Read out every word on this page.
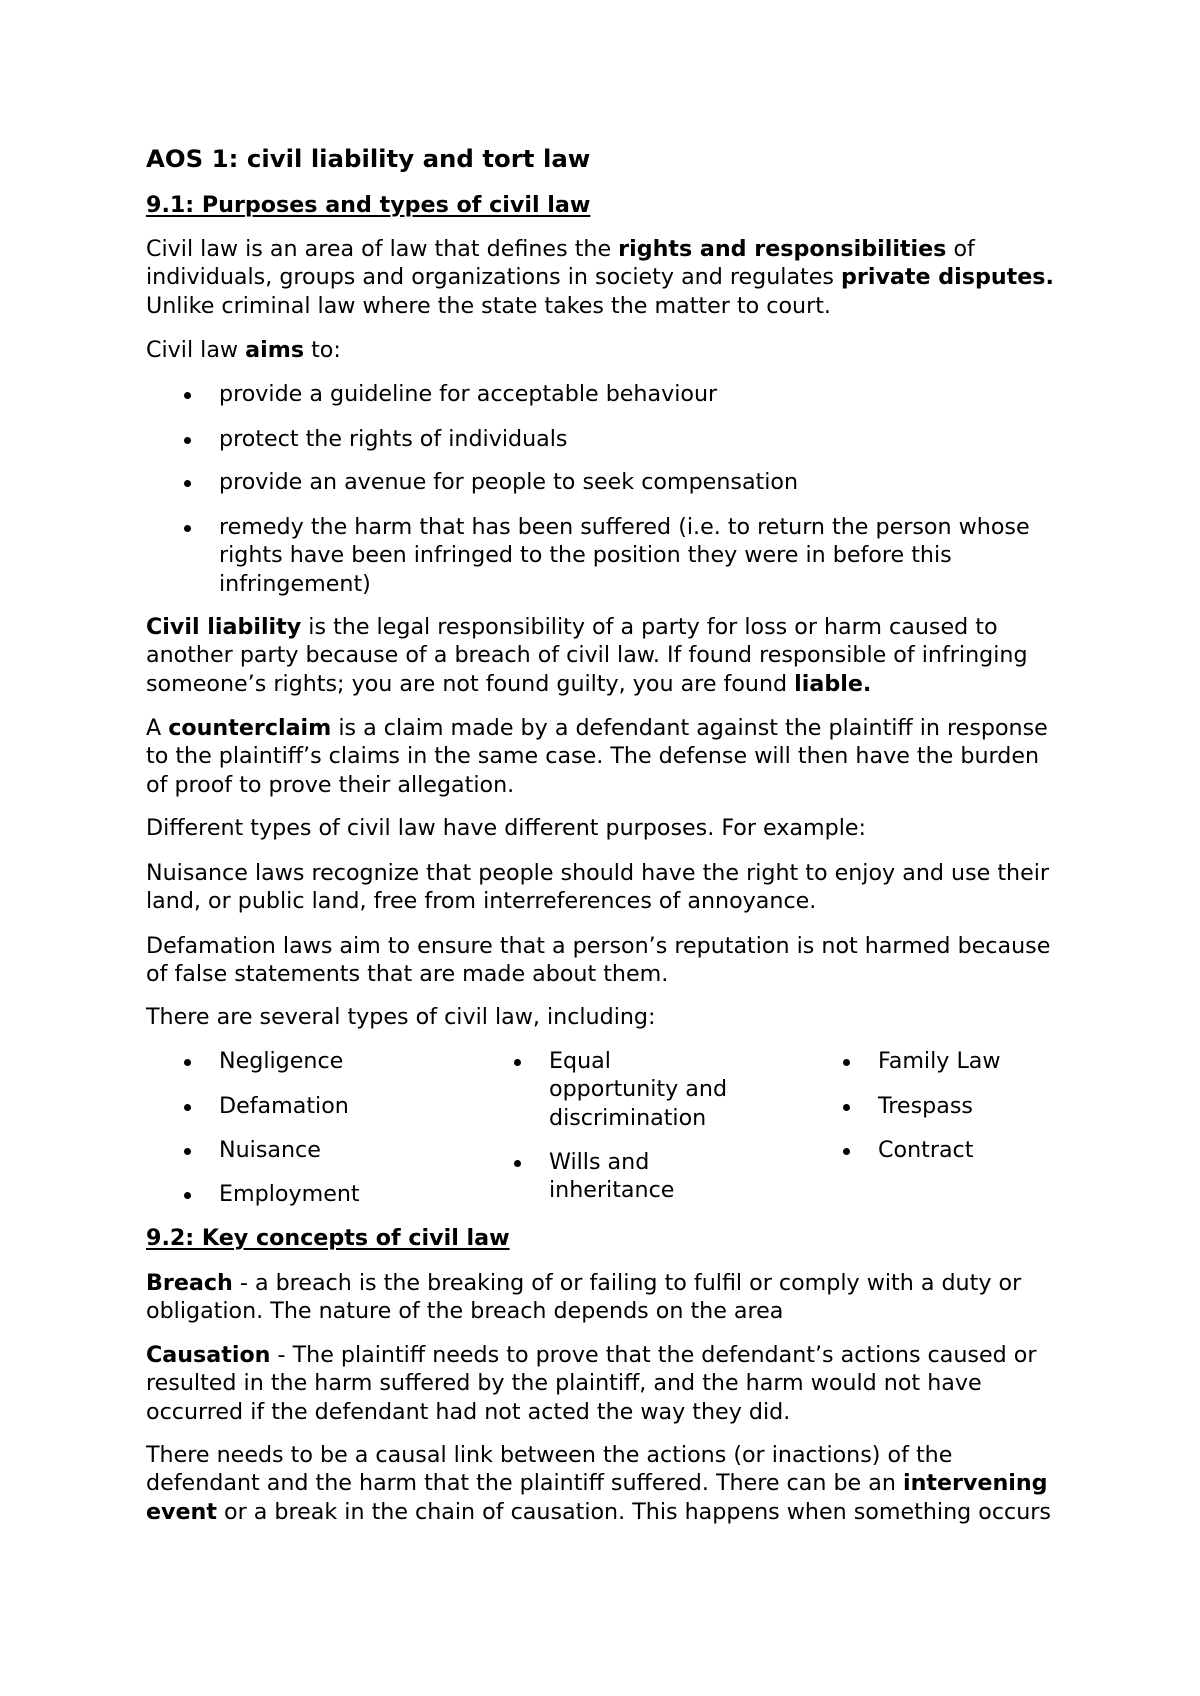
AOS 1: civil liability and tort law
9.1: Purposes and types of civil law
Civil law is an area of law that defines the rights and responsibilities of
individuals, groups and organizations in society and regulates private disputes.
Unlike criminal law where the state takes the matter to court.
Civil law aims to:
provide a guideline for acceptable behaviour
protect the rights of individuals
provide an avenue for people to seek compensation
remedy the harm that has been suffered (i.e. to return the person whose
rights have been infringed to the position they were in before this
infringement)
Civil liability is the legal responsibility of a party for loss or harm caused to
another party because of a breach of civil law. If found responsible of infringing
someone’s rights; you are not found guilty, you are found liable.
A counterclaim is a claim made by a defendant against the plaintiff in response
to the plaintiff’s claims in the same case. The defense will then have the burden
of proof to prove their allegation.
Different types of civil law have different purposes. For example:
Nuisance laws recognize that people should have the right to enjoy and use their
land, or public land, free from interreferences of annoyance.
Defamation laws aim to ensure that a person’s reputation is not harmed because
of false statements that are made about them.
There are several types of civil law, including:
Negligence
Defamation
Nuisance
Employment
Equal
opportunity and
discrimination
Wills and
inheritance
Family Law
Trespass
Contract
9.2: Key concepts of civil law
Breach - a breach is the breaking of or failing to fulfil or comply with a duty or
obligation. The nature of the breach depends on the area
Causation - The plaintiff needs to prove that the defendant’s actions caused or
resulted in the harm suffered by the plaintiff, and the harm would not have
occurred if the defendant had not acted the way they did.
There needs to be a causal link between the actions (or inactions) of the
defendant and the harm that the plaintiff suffered. There can be an intervening
event or a break in the chain of causation. This happens when something occurs
